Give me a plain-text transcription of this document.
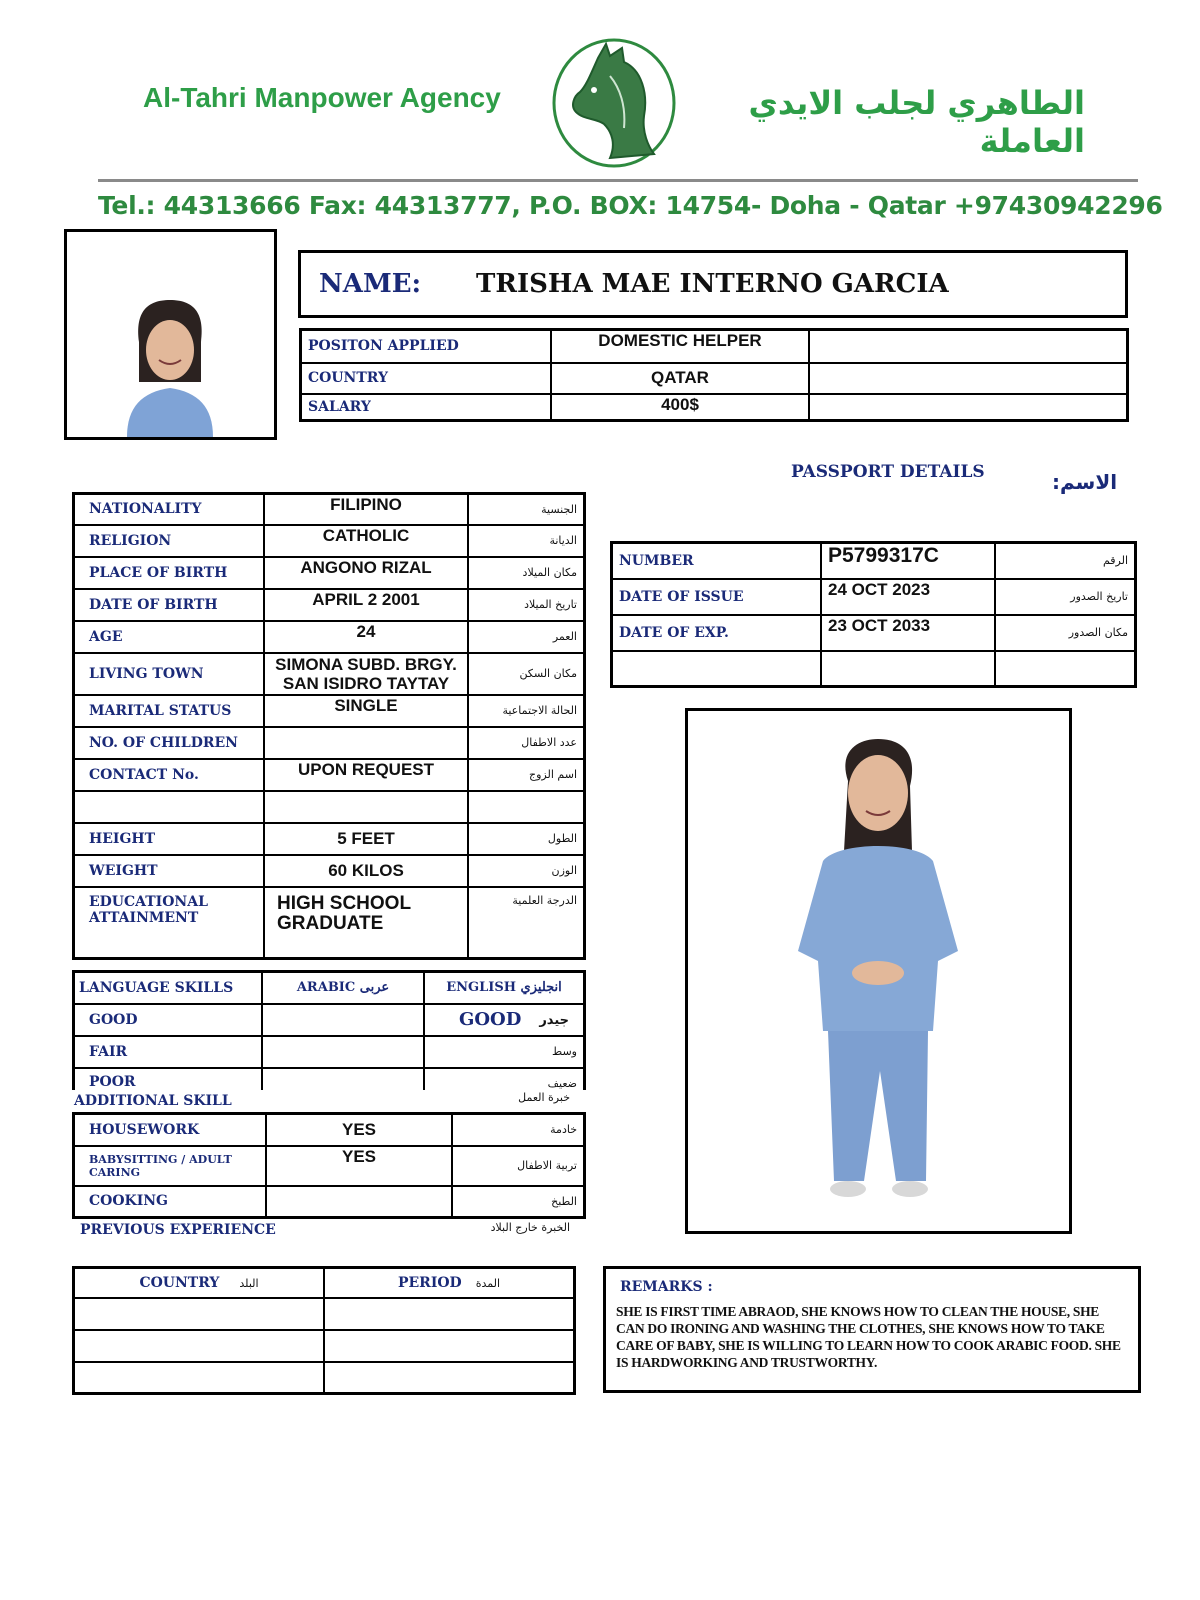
Al-Tahri Manpower Agency	الطاهري لجلب الايدي العاملة
Tel.: 44313666 Fax: 44313777, P.O. BOX: 14754- Doha - Qatar +97430942296
NAME: TRISHA MAE INTERNO GARCIA
POSITON APPLIED	DOMESTIC HELPER	
COUNTRY	QATAR	
SALARY	400$	
PASSPORT DETAILS	الاسم:
NUMBER	P5799317C	الرقم
DATE OF ISSUE	24 OCT 2023	تاريخ الصدور
DATE OF EXP.	23 OCT 2033	مكان الصدور

NATIONALITY	FILIPINO	الجنسية
RELIGION	CATHOLIC	الديانة
PLACE OF BIRTH	ANGONO RIZAL	مكان الميلاد
DATE OF BIRTH	APRIL 2 2001	تاريخ الميلاد
AGE	24	العمر
LIVING TOWN	SIMONA SUBD. BRGY. SAN ISIDRO TAYTAY	مكان السكن
MARITAL STATUS	SINGLE	الحالة الاجتماعية
NO. OF CHILDREN		عدد الاطفال
CONTACT No.	UPON REQUEST	اسم الزوج

HEIGHT	5 FEET	الطول
WEIGHT	60 KILOS	الوزن
EDUCATIONAL ATTAINMENT	HIGH SCHOOL GRADUATE	الدرجة العلمية
LANGUAGE SKILLS	ARABIC عربى	ENGLISH انجليزي
GOOD		GOOD جيدر

FAIR		وسط
POOR		ضعيف
ADDITIONAL SKILL	خبرة العمل
HOUSEWORK	YES	خادمة
BABYSITTING / ADULT CARING	YES	تربية الاطفال
COOKING		الطبخ
PREVIOUS EXPERIENCE	الخبرة خارج البلاد
COUNTRY البلد	PERIOD المدة

		REMARKS :
SHE IS FIRST TIME ABRAOD, SHE KNOWS HOW TO CLEAN THE HOUSE, SHE CAN DO IRONING AND WASHING THE CLOTHES, SHE KNOWS HOW TO TAKE CARE OF BABY, SHE IS WILLING TO LEARN HOW TO COOK ARABIC FOOD. SHE IS HARDWORKING AND TRUSTWORTHY.
